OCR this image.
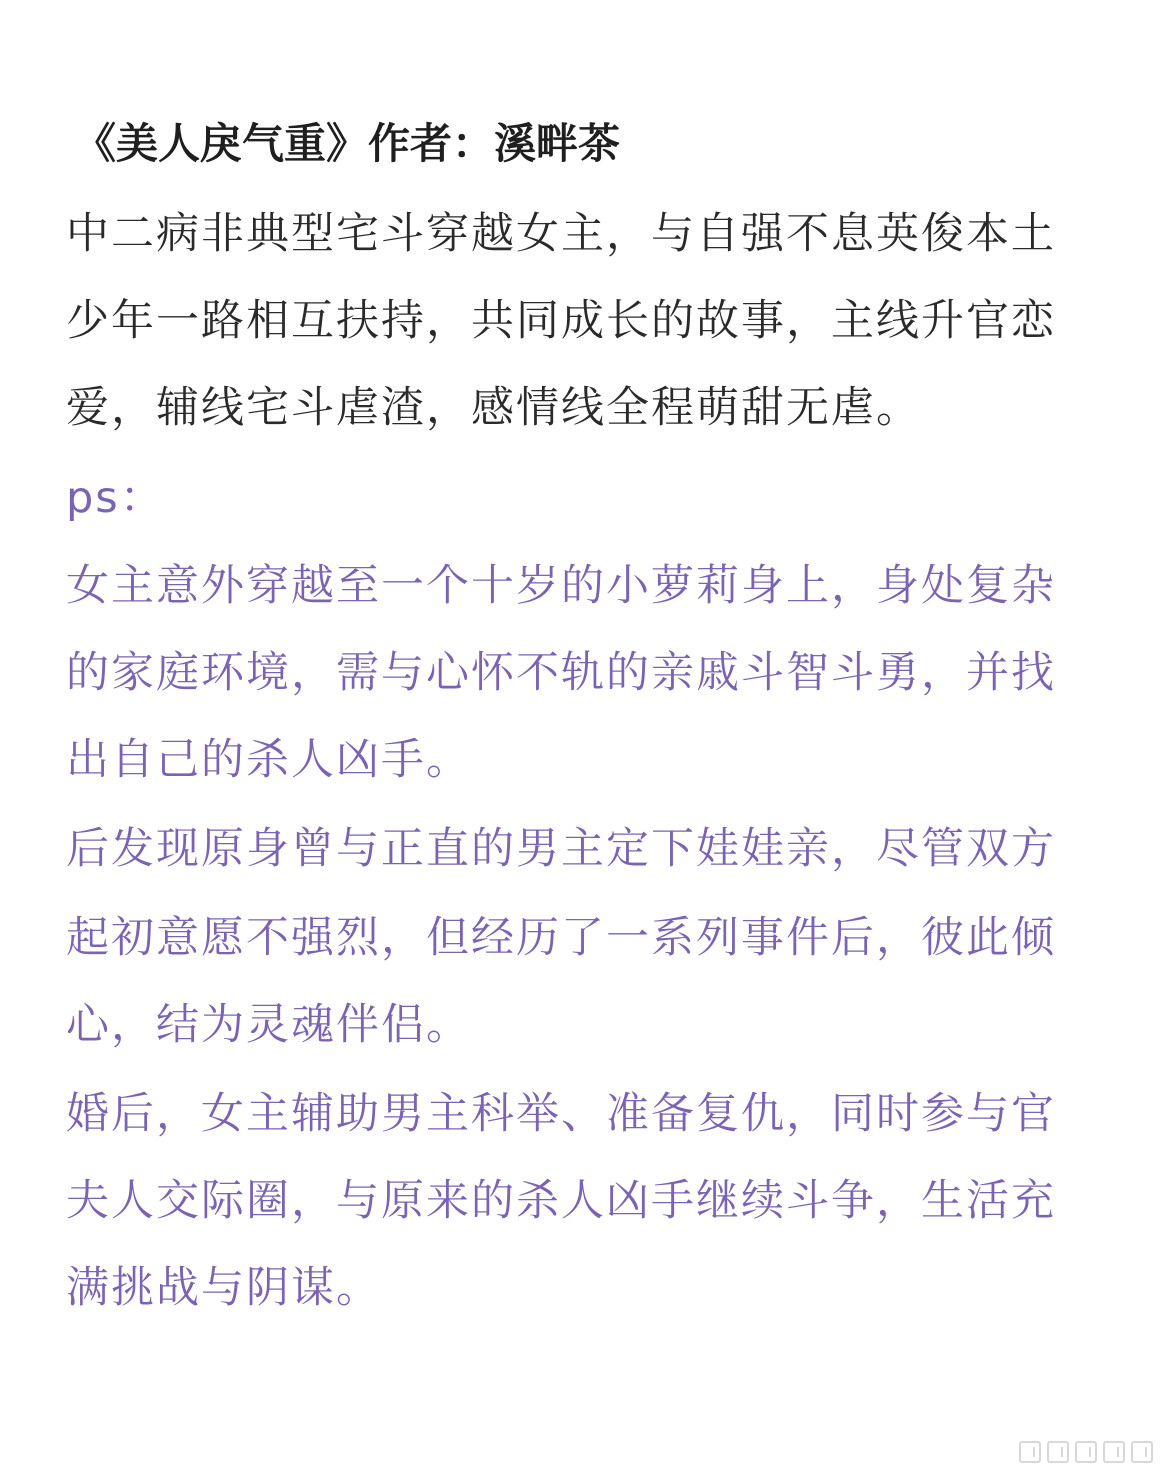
《美人戾气重》作者：溪畔茶
中二病非典型宅斗穿越女主，与自强不息英俊本土
少年一路相互扶持，共同成长的故事，主线升官恋
爱，辅线宅斗虐渣，感情线全程萌甜无虐。
ps：
女主意外穿越至一个十岁的小萝莉身上，身处复杂
的家庭环境，需与心怀不轨的亲戚斗智斗勇，并找
出自己的杀人凶手。
后发现原身曾与正直的男主定下娃娃亲，尽管双方
起初意愿不强烈，但经历了一系列事件后，彼此倾
心，结为灵魂伴侣。
婚后，女主辅助男主科举、准备复仇，同时参与官
夫人交际圈，与原来的杀人凶手继续斗争，生活充
满挑战与阴谋。
